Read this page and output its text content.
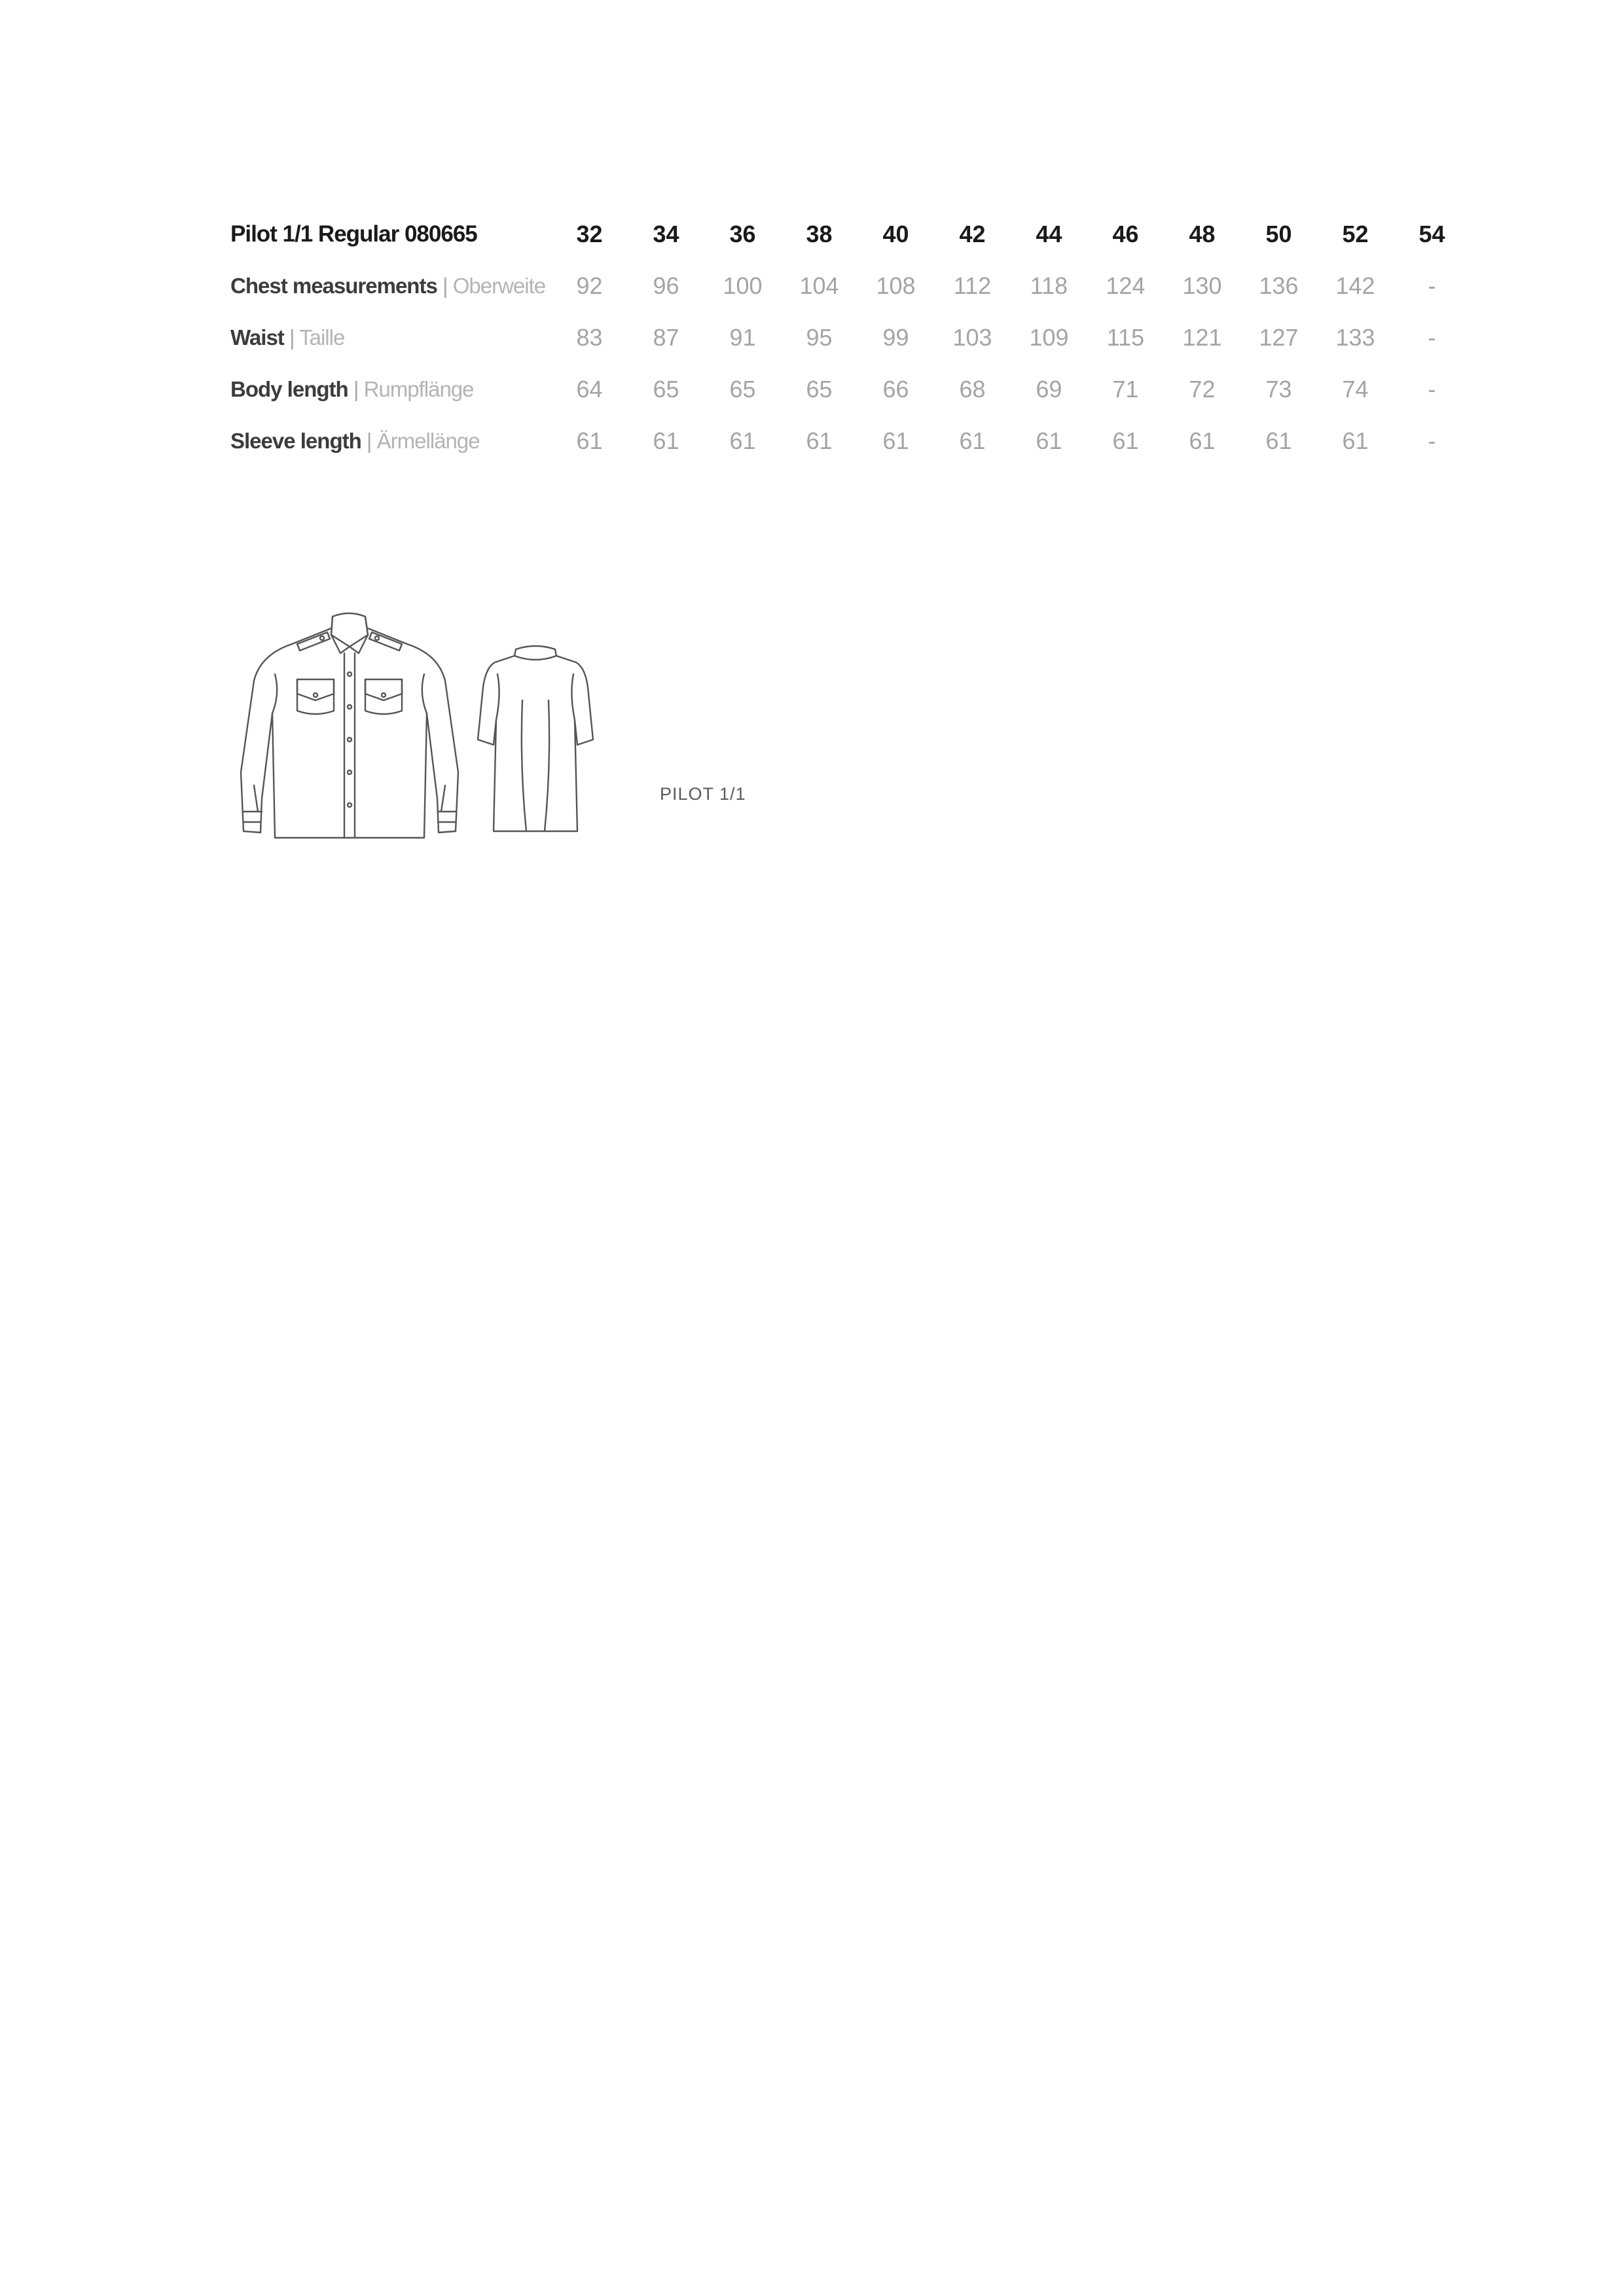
Pilot 1/1 Regular 080665	32	34	36	38	40	42	44	46	48	50	52	54
Chest measurements | Oberweite	92	96	100	104	108	112	118	124	130	136	142	-
Waist | Taille	83	87	91	95	99	103	109	115	121	127	133	-
Body length | Rumpflänge	64	65	65	65	66	68	69	71	72	73	74	-
Sleeve length | Ärmellänge	61	61	61	61	61	61	61	61	61	61	61	-
PILOT 1/1
